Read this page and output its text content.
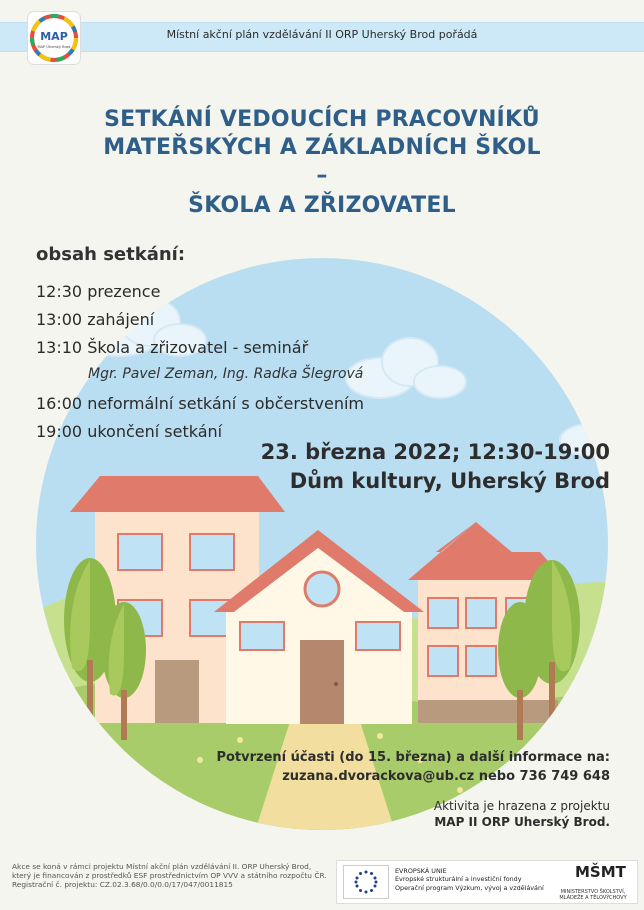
Místní akční plán vzdělávání II ORP Uherský Brod pořádá
MAP
MAP Uherský Brod
SETKÁNÍ VEDOUCÍCH PRACOVNÍKŮ
MATEŘSKÝCH A ZÁKLADNÍCH ŠKOL
–
ŠKOLA A ZŘIZOVATEL
obsah setkání:
12:30 prezence
13:00 zahájení
13:10 Škola a zřizovatel - seminář
Mgr. Pavel Zeman, Ing. Radka Šlegrová
16:00 neformální setkání s občerstvením
19:00 ukončení setkání
23. března 2022; 12:30-19:00
Dům kultury, Uherský Brod
Potvrzení účasti (do 15. března) a další informace na:
zuzana.dvorackova@ub.cz nebo 736 749 648
Aktivita je hrazena z projektu
MAP II ORP Uherský Brod.
Akce se koná v rámci projektu Místní akční plán vzdělávání II. ORP Uherský Brod, který je financován z prostředků ESF prostřednictvím OP VVV a státního rozpočtu ČR. Registrační č. projektu: CZ.02.3.68/0.0/0.0/17/047/0011815
EVROPSKÁ UNIE
Evropské strukturální a investiční fondy
Operační program Výzkum, vývoj a vzdělávání
MŠMT
MINISTERSTVO ŠKOLSTVÍ, MLÁDEŽE A TĚLOVÝCHOVY
